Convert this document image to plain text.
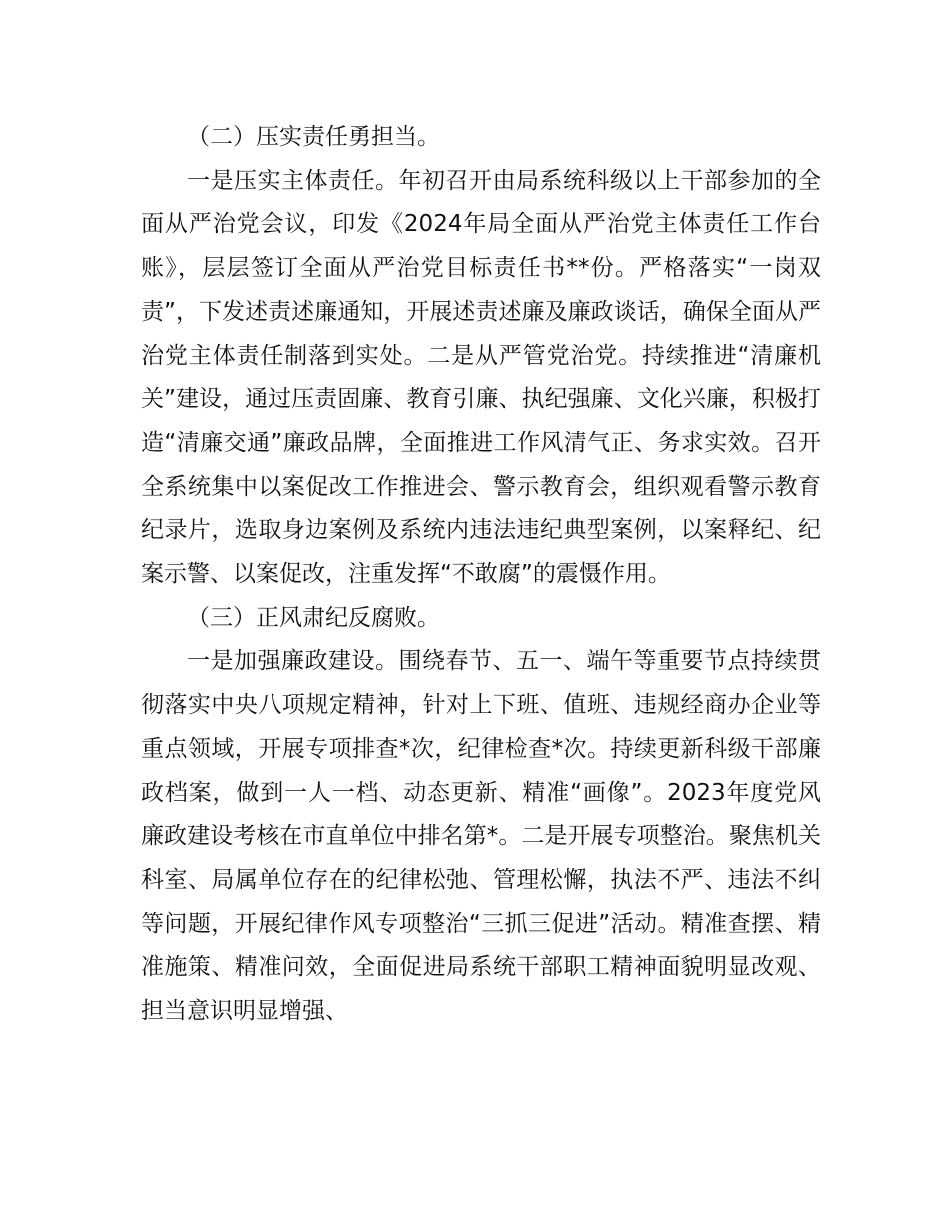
（二）压实责任勇担当。

一是压实主体责任。年初召开由局系统科级以上干部参加的全面从严治党会议，印发《2024年局全面从严治党主体责任工作台账》，层层签订全面从严治党目标责任书**份。严格落实“一岗双责”，下发述责述廉通知，开展述责述廉及廉政谈话，确保全面从严治党主体责任制落到实处。二是从严管党治党。持续推进“清廉机关”建设，通过压责固廉、教育引廉、执纪强廉、文化兴廉，积极打造“清廉交通”廉政品牌，全面推进工作风清气正、务求实效。召开全系统集中以案促改工作推进会、警示教育会，组织观看警示教育纪录片，选取身边案例及系统内违法违纪典型案例，以案释纪、纪案示警、以案促改，注重发挥“不敢腐”的震慑作用。

（三）正风肃纪反腐败。

一是加强廉政建设。围绕春节、五一、端午等重要节点持续贯彻落实中央八项规定精神，针对上下班、值班、违规经商办企业等重点领域，开展专项排查*次，纪律检查*次。持续更新科级干部廉政档案，做到一人一档、动态更新、精准“画像”。2023年度党风廉政建设考核在市直单位中排名第*。二是开展专项整治。聚焦机关科室、局属单位存在的纪律松弛、管理松懈，执法不严、违法不纠等问题，开展纪律作风专项整治“三抓三促进”活动。精准查摆、精准施策、精准问效，全面促进局系统干部职工精神面貌明显改观、担当意识明显增强、
